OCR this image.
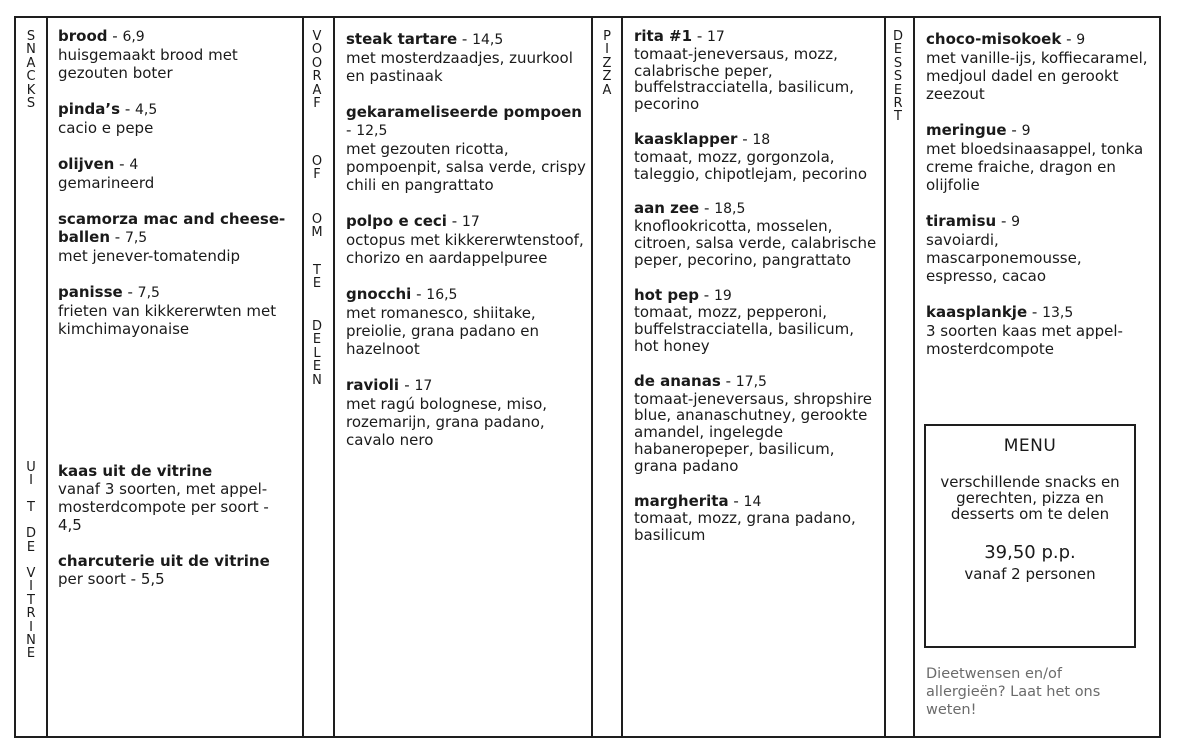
S
N
A
C
K
S
U
I
T
D
E
V
I
T
R
I
N
E
V
O
O
R
A
F
O
F
O
M
T
E
D
E
L
E
N
P
I
Z
Z
A
D
E
S
S
E
R
T
brood - 6,9
huisgemaakt brood met gezouten boter
pinda’s - 4,5
cacio e pepe
olijven - 4
gemarineerd
scamorza mac and cheese-ballen - 7,5
met jenever-tomatendip
panisse - 7,5
frieten van kikkererwten met kimchimayonaise
kaas uit de vitrine
vanaf 3 soorten, met appel-mosterdcompote per soort - 4,5
charcuterie uit de vitrine
per soort - 5,5
steak tartare - 14,5
met mosterdzaadjes, zuurkool en pastinaak
gekarameliseerde pompoen - 12,5
met gezouten ricotta, pompoenpit, salsa verde, crispy chili en pangrattato
polpo e ceci - 17
octopus met kikkererwtenstoof, chorizo en aardappelpuree
gnocchi - 16,5
met romanesco, shiitake, preiolie, grana padano en hazelnoot
ravioli - 17
met ragú bolognese, miso, rozemarijn, grana padano, cavalo nero
rita #1 - 17
tomaat-jeneversaus, mozz, calabrische peper, buffelstracciatella, basilicum, pecorino
kaasklapper - 18
tomaat, mozz, gorgonzola, taleggio, chipotlejam, pecorino
aan zee - 18,5
knoflookricotta, mosselen, citroen, salsa verde, calabrische peper, pecorino, pangrattato
hot pep - 19
tomaat, mozz, pepperoni, buffelstracciatella, basilicum, hot honey
de ananas - 17,5
tomaat-jeneversaus, shropshire blue, ananaschutney, gerookte amandel, ingelegde habaneropeper, basilicum, grana padano
margherita - 14
tomaat, mozz, grana padano, basilicum
choco-misokoek - 9
met vanille-ijs, koffiecaramel, medjoul dadel en gerookt zeezout
meringue - 9
met bloedsinaasappel, tonka creme fraiche, dragon en olijfolie
tiramisu - 9
savoiardi, mascarponemousse, espresso, cacao
kaasplankje - 13,5
3 soorten kaas met appel-mosterdcompote
MENU
verschillende snacks en gerechten, pizza en desserts om te delen
39,50 p.p.
vanaf 2 personen
Dieetwensen en/of allergieën? Laat het ons weten!
